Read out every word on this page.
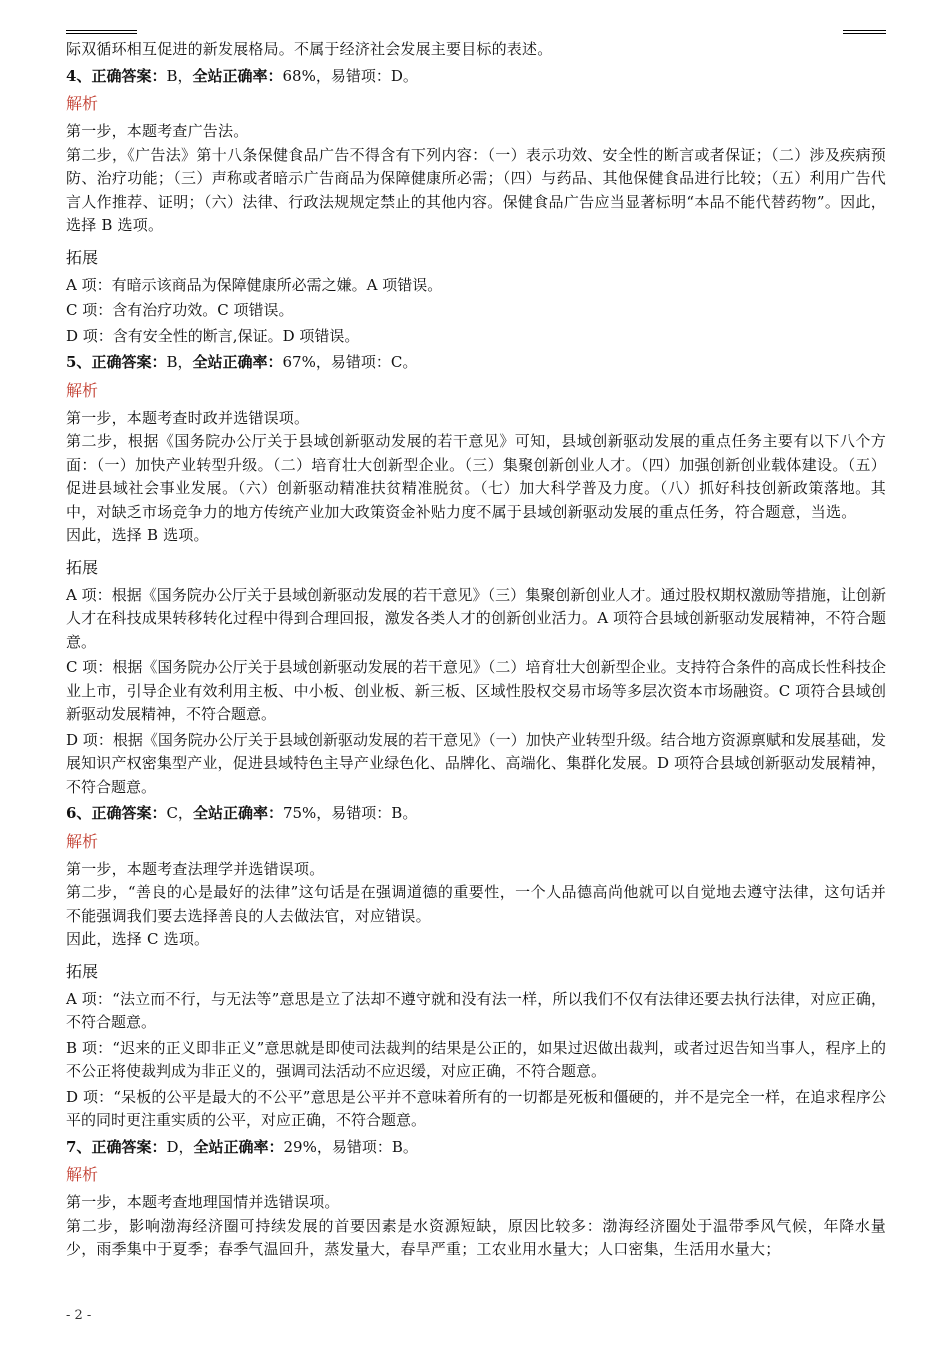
际双循环相互促进的新发展格局。不属于经济社会发展主要目标的表述。

4、正确答案：B，全站正确率：68%，易错项：D。

解析

第一步，本题考查广告法。

第二步，《广告法》第十八条保健食品广告不得含有下列内容：（一）表示功效、安全性的断言或者保证；（二）涉及疾病预防、治疗功能；（三）声称或者暗示广告商品为保障健康所必需；（四）与药品、其他保健食品进行比较；（五）利用广告代言人作推荐、证明；（六）法律、行政法规规定禁止的其他内容。保健食品广告应当显著标明“本品不能代替药物”。因此，选择 B 选项。

拓展

A 项：有暗示该商品为保障健康所必需之嫌。A 项错误。

C 项：含有治疗功效。C 项错误。

D 项：含有安全性的断言,保证。D 项错误。

5、正确答案：B，全站正确率：67%，易错项：C。

解析

第一步，本题考查时政并选错误项。

第二步，根据《国务院办公厅关于县域创新驱动发展的若干意见》可知，县域创新驱动发展的重点任务主要有以下八个方面：（一）加快产业转型升级。（二）培育壮大创新型企业。（三）集聚创新创业人才。（四）加强创新创业载体建设。（五）促进县域社会事业发展。（六）创新驱动精准扶贫精准脱贫。（七）加大科学普及力度。（八）抓好科技创新政策落地。其中，对缺乏市场竞争力的地方传统产业加大政策资金补贴力度不属于县域创新驱动发展的重点任务，符合题意，当选。

因此，选择 B 选项。

拓展

A 项：根据《国务院办公厅关于县域创新驱动发展的若干意见》（三）集聚创新创业人才。通过股权期权激励等措施，让创新人才在科技成果转移转化过程中得到合理回报，激发各类人才的创新创业活力。A 项符合县域创新驱动发展精神，不符合题意。

C 项：根据《国务院办公厅关于县域创新驱动发展的若干意见》（二）培育壮大创新型企业。支持符合条件的高成长性科技企业上市，引导企业有效利用主板、中小板、创业板、新三板、区域性股权交易市场等多层次资本市场融资。C 项符合县域创新驱动发展精神，不符合题意。

D 项：根据《国务院办公厅关于县域创新驱动发展的若干意见》（一）加快产业转型升级。结合地方资源禀赋和发展基础，发展知识产权密集型产业，促进县域特色主导产业绿色化、品牌化、高端化、集群化发展。D 项符合县域创新驱动发展精神，不符合题意。

6、正确答案：C，全站正确率：75%，易错项：B。

解析

第一步，本题考查法理学并选错误项。

第二步，“善良的心是最好的法律”这句话是在强调道德的重要性，一个人品德高尚他就可以自觉地去遵守法律，这句话并不能强调我们要去选择善良的人去做法官，对应错误。

因此，选择 C 选项。

拓展

A 项：“法立而不行，与无法等”意思是立了法却不遵守就和没有法一样，所以我们不仅有法律还要去执行法律，对应正确，不符合题意。

B 项：“迟来的正义即非正义”意思就是即使司法裁判的结果是公正的，如果过迟做出裁判，或者过迟告知当事人，程序上的不公正将使裁判成为非正义的，强调司法活动不应迟缓，对应正确，不符合题意。

D 项：“呆板的公平是最大的不公平”意思是公平并不意味着所有的一切都是死板和僵硬的，并不是完全一样，在追求程序公平的同时更注重实质的公平，对应正确，不符合题意。

7、正确答案：D，全站正确率：29%，易错项：B。

解析

第一步，本题考查地理国情并选错误项。

第二步，影响渤海经济圈可持续发展的首要因素是水资源短缺，原因比较多：渤海经济圈处于温带季风气候，年降水量少，雨季集中于夏季；春季气温回升，蒸发量大，春旱严重；工农业用水量大；人口密集，生活用水量大；

- 2 -
